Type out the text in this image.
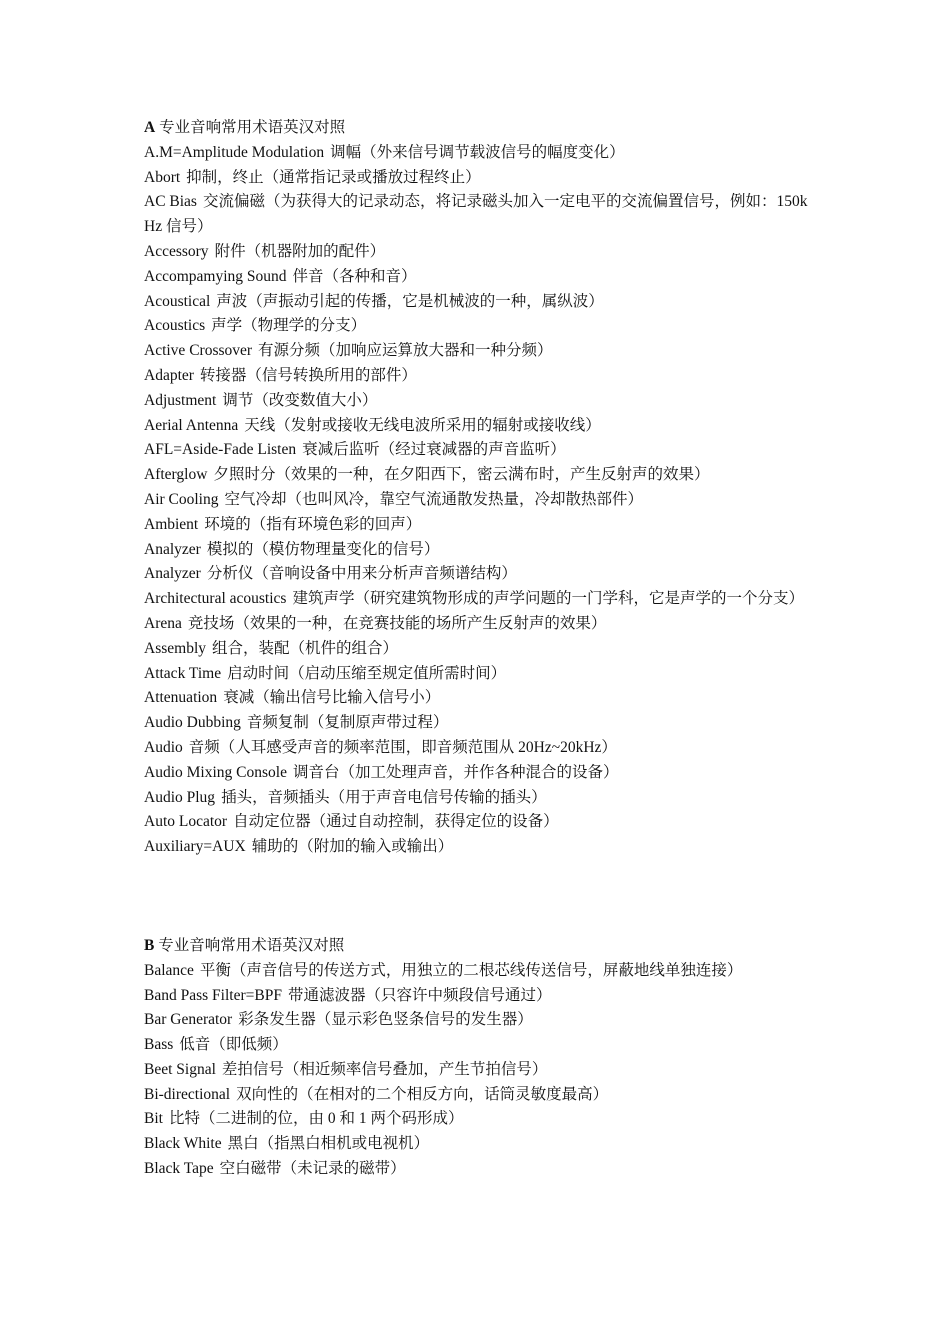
A 专业音响常用术语英汉对照

A.M=Amplitude Modulation 调幅（外来信号调节载波信号的幅度变化）

Abort 抑制，终止（通常指记录或播放过程终止）

AC Bias 交流偏磁（为获得大的记录动态，将记录磁头加入一定电平的交流偏置信号，例如：150kHz 信号）

Accessory 附件（机器附加的配件）

Accompamying Sound 伴音（各种和音）

Acoustical 声波（声振动引起的传播，它是机械波的一种，属纵波）

Acoustics 声学（物理学的分支）

Active Crossover 有源分频（加响应运算放大器和一种分频）

Adapter 转接器（信号转换所用的部件）

Adjustment 调节（改变数值大小）

Aerial Antenna 天线（发射或接收无线电波所采用的辐射或接收线）

AFL=Aside-Fade Listen 衰减后监听（经过衰减器的声音监听）

Afterglow 夕照时分（效果的一种，在夕阳西下，密云满布时，产生反射声的效果）

Air Cooling 空气冷却（也叫风冷，靠空气流通散发热量，冷却散热部件）

Ambient 环境的（指有环境色彩的回声）

Analyzer 模拟的（模仿物理量变化的信号）

Analyzer 分析仪（音响设备中用来分析声音频谱结构）

Architectural acoustics 建筑声学（研究建筑物形成的声学问题的一门学科，它是声学的一个分支）

Arena 竞技场（效果的一种，在竞赛技能的场所产生反射声的效果）

Assembly 组合，装配（机件的组合）

Attack Time 启动时间（启动压缩至规定值所需时间）

Attenuation 衰减（输出信号比输入信号小）

Audio Dubbing 音频复制（复制原声带过程）

Audio 音频（人耳感受声音的频率范围，即音频范围从 20Hz~20kHz）

Audio Mixing Console 调音台（加工处理声音，并作各种混合的设备）

Audio Plug 插头，音频插头（用于声音电信号传输的插头）

Auto Locator 自动定位器（通过自动控制，获得定位的设备）

Auxiliary=AUX 辅助的（附加的输入或输出）

B 专业音响常用术语英汉对照

Balance 平衡（声音信号的传送方式，用独立的二根芯线传送信号，屏蔽地线单独连接）

Band Pass Filter=BPF 带通滤波器（只容许中频段信号通过）

Bar Generator 彩条发生器（显示彩色竖条信号的发生器）

Bass 低音（即低频）

Beet Signal 差拍信号（相近频率信号叠加，产生节拍信号）

Bi-directional 双向性的（在相对的二个相反方向，话筒灵敏度最高）

Bit 比特（二进制的位，由 0 和 1 两个码形成）

Black White 黑白（指黑白相机或电视机）

Black Tape 空白磁带（未记录的磁带）
